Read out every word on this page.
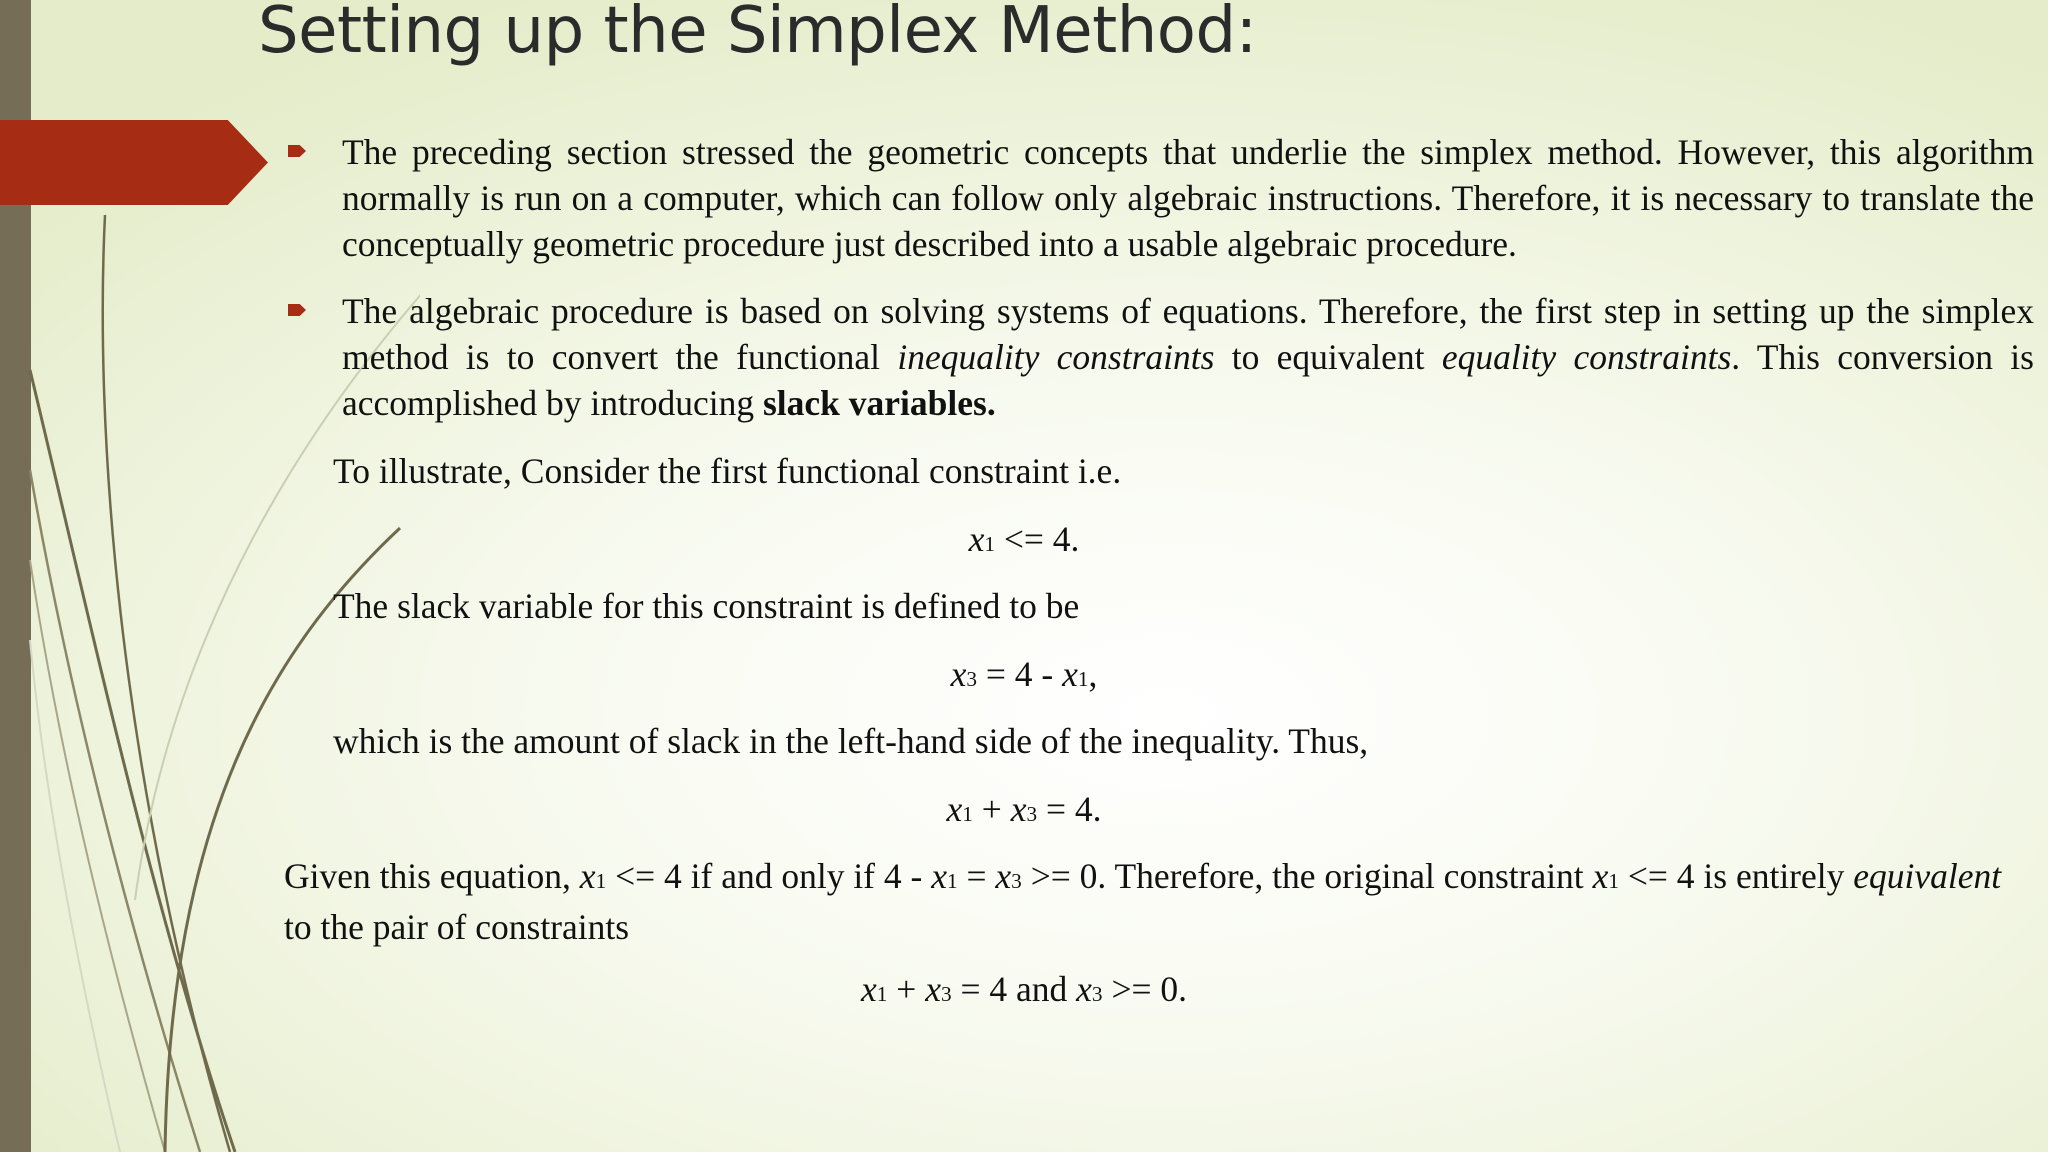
Setting up the Simplex Method:

The preceding section stressed the geometric concepts that underlie the simplex method. However, this algorithm normally is run on a computer, which can follow only algebraic instructions. Therefore, it is necessary to translate the conceptually geometric procedure just described into a usable algebraic procedure.

The algebraic procedure is based on solving systems of equations. Therefore, the first step in setting up the simplex method is to convert the functional inequality constraints to equivalent equality constraints. This conversion is accomplished by introducing slack variables.

To illustrate, Consider the first functional constraint i.e.

x1 <= 4.

The slack variable for this constraint is defined to be

x3 = 4 - x1,

which is the amount of slack in the left-hand side of the inequality. Thus,

x1 + x3 = 4.

Given this equation, x1 <= 4 if and only if 4 - x1 = x3 >= 0. Therefore, the original constraint x1 <= 4 is entirely equivalent to the pair of constraints

x1 + x3 = 4 and x3 >= 0.
